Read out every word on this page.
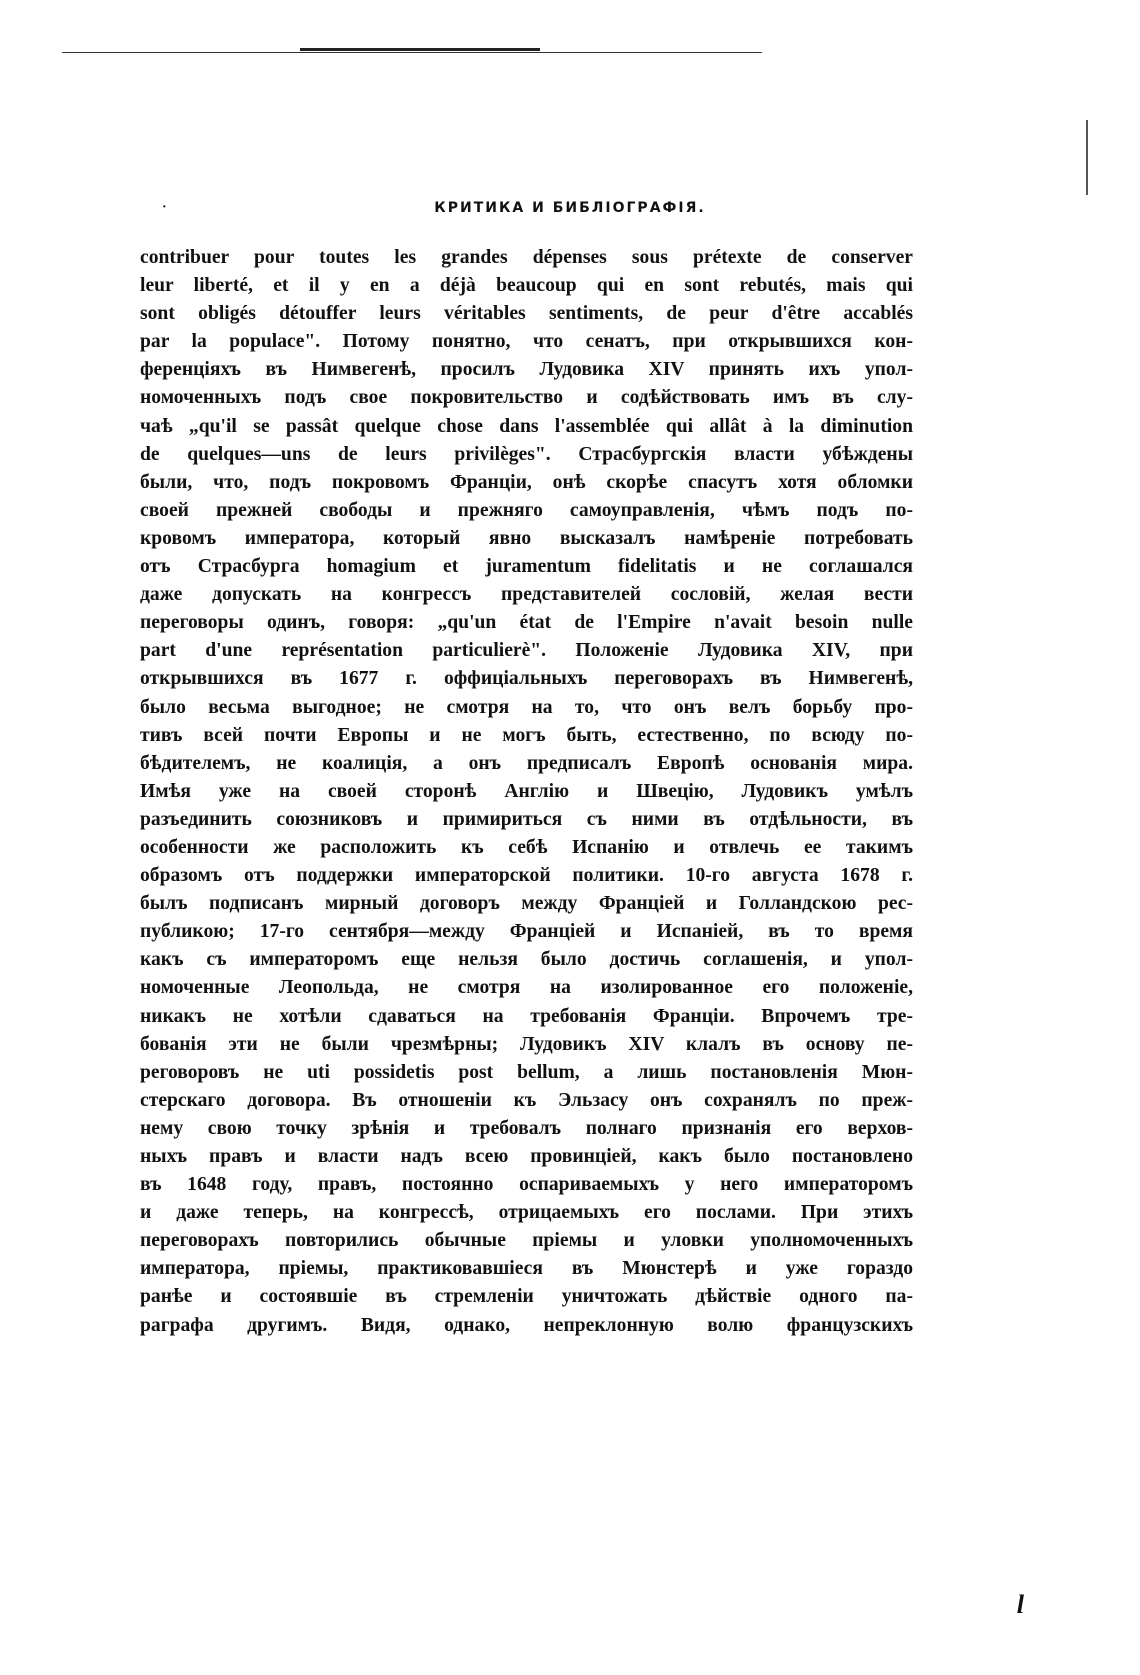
·	КРИТИКА И БИБЛІОГРАФІЯ.
contribuer pour toutes les grandes dépenses sous prétexte de conserver
leur liberté, et il y en a déjà beaucoup qui en sont rebutés, mais qui
sont obligés détouffer leurs véritables sentiments, de peur d'être accablés
par la populace". Потому понятно, что сенатъ, при открывшихся кон-
ференціяхъ въ Нимвегенѣ, просилъ Лудовика XIV принять ихъ упол-
номоченныхъ подъ свое покровительство и содѣйствовать имъ въ слу-
чаѣ „qu'il se passât quelque chose dans l'assemblée qui allât à la diminution
de quelques—uns de leurs privilèges". Страсбургскія власти убѣждены
были, что, подъ покровомъ Франціи, онѣ скорѣе спасутъ хотя обломки
своей прежней свободы и прежняго самоуправленія, чѣмъ подъ по-
кровомъ императора, который явно высказалъ намѣреніе потребовать
отъ Страсбурга homagium et juramentum fidelitatis и не соглашался
даже допускать на конгрессъ представителей сословій, желая вести
переговоры одинъ, говоря: „qu'un état de l'Empire n'avait besoin nulle
part d'une représentation particulierè". Положеніе Лудовика XIV, при
открывшихся въ 1677 г. оффиціальныхъ переговорахъ въ Нимвегенѣ,
было весьма выгодное; не смотря на то, что онъ велъ борьбу про-
тивъ всей почти Европы и не могъ быть, естественно, по всюду по-
бѣдителемъ, не коалиція, а онъ предписалъ Европѣ основанія мира.
Имѣя уже на своей сторонѣ Англію и Швецію, Лудовикъ умѣлъ
разъединить союзниковъ и примириться съ ними въ отдѣльности, въ
особенности же расположить къ себѣ Испанію и отвлечь ее такимъ
образомъ отъ поддержки императорской политики. 10-го августа 1678 г.
былъ подписанъ мирный договоръ между Франціей и Голландскою рес-
публикою; 17-го сентября—между Франціей и Испаніей, въ то время
какъ съ императоромъ еще нельзя было достичь соглашенія, и упол-
номоченные Леопольда, не смотря на изолированное его положеніе,
никакъ не хотѣли сдаваться на требованія Франціи. Впрочемъ тре-
бованія эти не были чрезмѣрны; Лудовикъ XIV клалъ въ основу пе-
реговоровъ не uti possidetis post bellum, а лишь постановленія Мюн-
стерскаго договора. Въ отношеніи къ Эльзасу онъ сохранялъ по преж-
нему свою точку зрѣнія и требовалъ полнаго признанія его верхов-
ныхъ правъ и власти надъ всею провинціей, какъ было постановлено
въ 1648 году, правъ, постоянно оспариваемыхъ у него императоромъ
и даже теперь, на конгрессѣ, отрицаемыхъ его послами. При этихъ
переговорахъ повторились обычные пріемы и уловки уполномоченныхъ
императора, пріемы, практиковавшіеся въ Мюнстерѣ и уже гораздо
ранѣе и состоявшіе въ стремленіи уничтожать дѣйствіе одного па-
раграфа другимъ. Видя, однако, непреклонную волю французскихъ
l
